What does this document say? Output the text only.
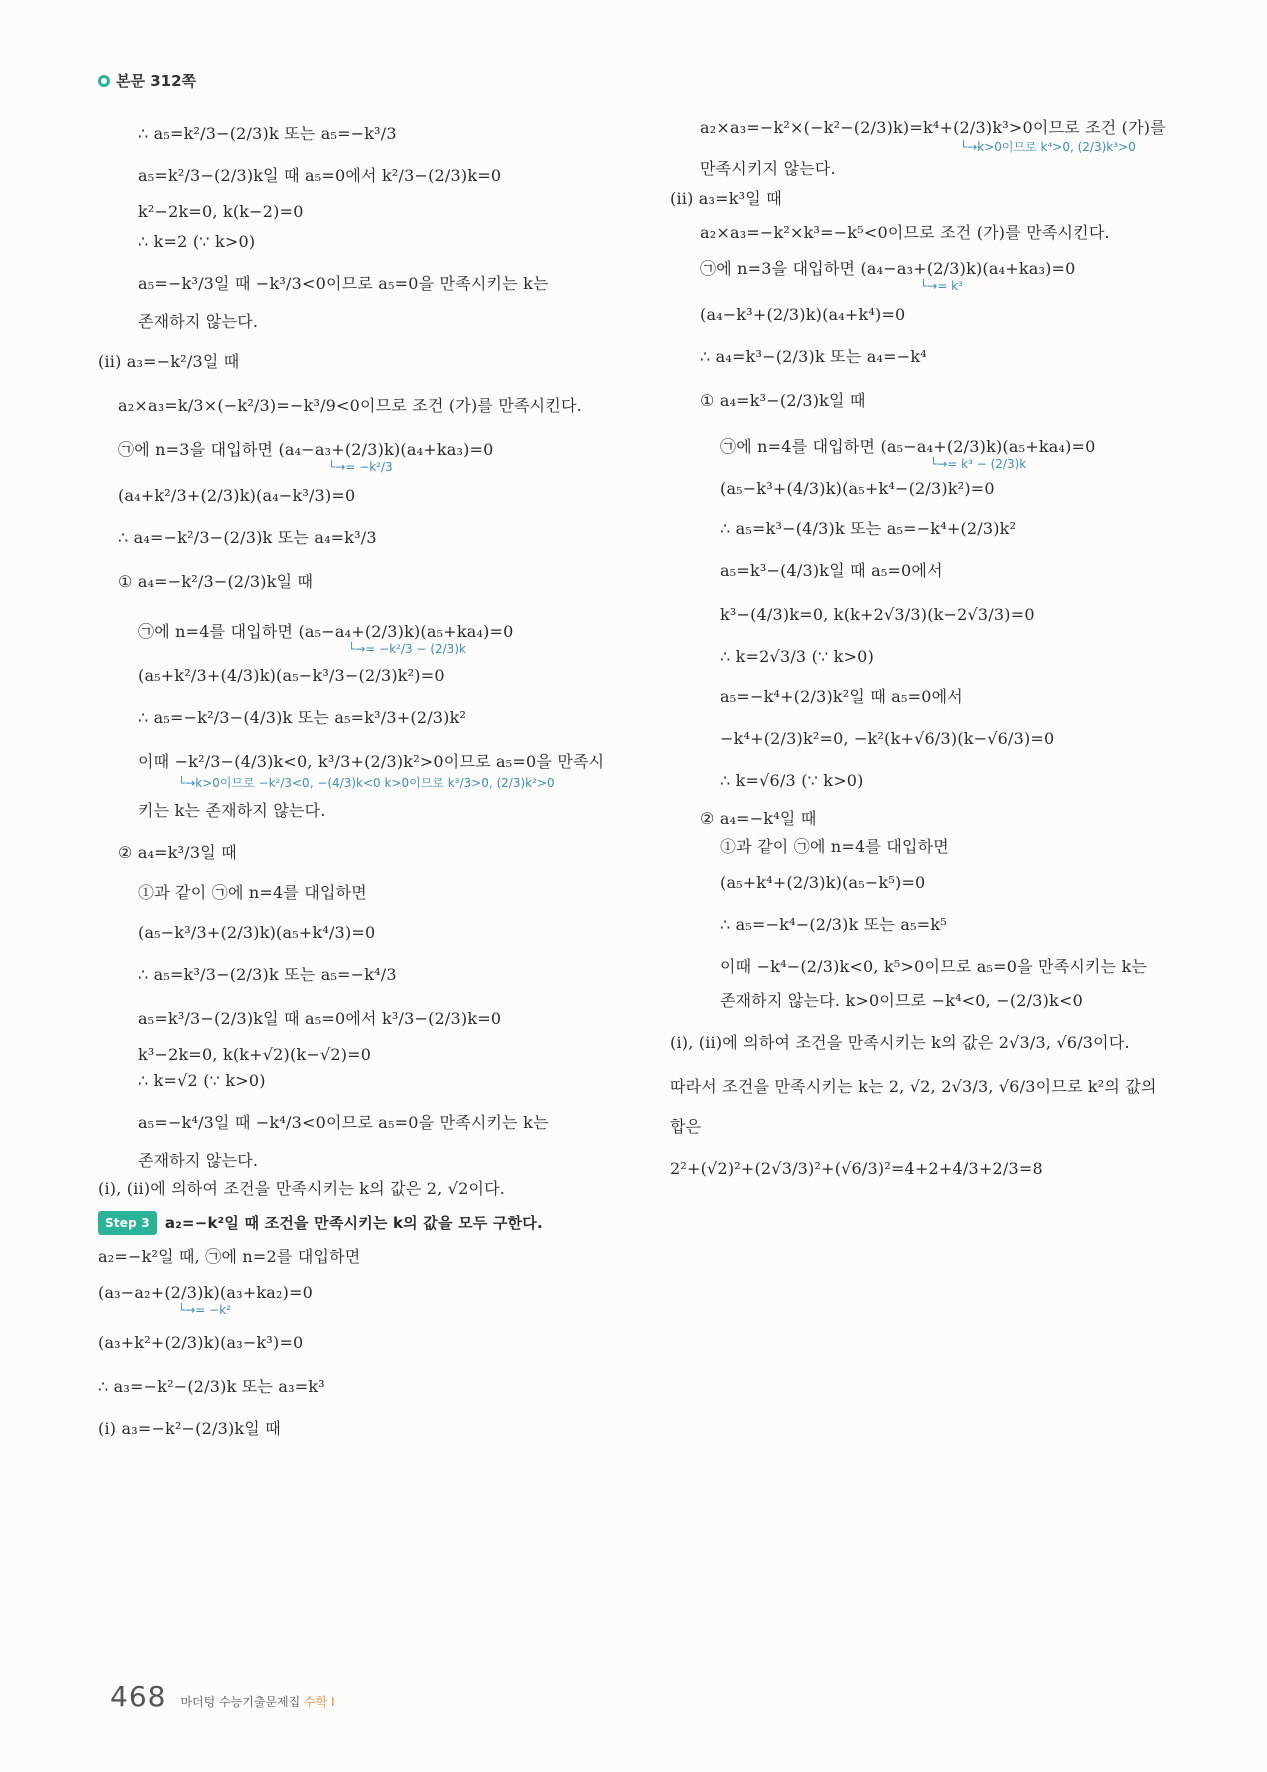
본문 312쪽
∴ a₅=k²/3−(2/3)k 또는 a₅=−k³/3
a₅=k²/3−(2/3)k일 때 a₅=0에서 k²/3−(2/3)k=0
k²−2k=0, k(k−2)=0
∴ k=2 (∵ k>0)
a₅=−k³/3일 때 −k³/3<0이므로 a₅=0을 만족시키는 k는
존재하지 않는다.
(ii) a₃=−k²/3일 때
a₂×a₃=k/3×(−k²/3)=−k³/9<0이므로 조건 (가)를 만족시킨다.
㉠에 n=3을 대입하면 (a₄−a₃+(2/3)k)(a₄+ka₃)=0
└→ = −k²/3
(a₄+k²/3+(2/3)k)(a₄−k³/3)=0
∴ a₄=−k²/3−(2/3)k 또는 a₄=k³/3
① a₄=−k²/3−(2/3)k일 때
㉠에 n=4를 대입하면 (a₅−a₄+(2/3)k)(a₅+ka₄)=0
└→ = −k²/3 − (2/3)k
(a₅+k²/3+(4/3)k)(a₅−k³/3−(2/3)k²)=0
∴ a₅=−k²/3−(4/3)k 또는 a₅=k³/3+(2/3)k²
이때 −k²/3−(4/3)k<0, k³/3+(2/3)k²>0이므로 a₅=0을 만족시
└→ k>0이므로 −k²/3<0, −(4/3)k<0 k>0이므로 k³/3>0, (2/3)k²>0
키는 k는 존재하지 않는다.
② a₄=k³/3일 때
①과 같이 ㉠에 n=4를 대입하면
(a₅−k³/3+(2/3)k)(a₅+k⁴/3)=0
∴ a₅=k³/3−(2/3)k 또는 a₅=−k⁴/3
a₅=k³/3−(2/3)k일 때 a₅=0에서 k³/3−(2/3)k=0
k³−2k=0, k(k+√2)(k−√2)=0
∴ k=√2 (∵ k>0)
a₅=−k⁴/3일 때 −k⁴/3<0이므로 a₅=0을 만족시키는 k는
존재하지 않는다.
(i), (ii)에 의하여 조건을 만족시키는 k의 값은 2, √2이다.
Step 3	a₂=−k²일 때 조건을 만족시키는 k의 값을 모두 구한다.
a₂=−k²일 때, ㉠에 n=2를 대입하면
(a₃−a₂+(2/3)k)(a₃+ka₂)=0
└→ = −k²
(a₃+k²+(2/3)k)(a₃−k³)=0
∴ a₃=−k²−(2/3)k 또는 a₃=k³
(i) a₃=−k²−(2/3)k일 때
a₂×a₃=−k²×(−k²−(2/3)k)=k⁴+(2/3)k³>0이므로 조건 (가)를
└→ k>0이므로 k⁴>0, (2/3)k³>0
만족시키지 않는다.
(ii) a₃=k³일 때
a₂×a₃=−k²×k³=−k⁵<0이므로 조건 (가)를 만족시킨다.
㉠에 n=3을 대입하면 (a₄−a₃+(2/3)k)(a₄+ka₃)=0
└→ = k³
(a₄−k³+(2/3)k)(a₄+k⁴)=0
∴ a₄=k³−(2/3)k 또는 a₄=−k⁴
① a₄=k³−(2/3)k일 때
㉠에 n=4를 대입하면 (a₅−a₄+(2/3)k)(a₅+ka₄)=0
└→ = k³ − (2/3)k
(a₅−k³+(4/3)k)(a₅+k⁴−(2/3)k²)=0
∴ a₅=k³−(4/3)k 또는 a₅=−k⁴+(2/3)k²
a₅=k³−(4/3)k일 때 a₅=0에서
k³−(4/3)k=0, k(k+2√3/3)(k−2√3/3)=0
∴ k=2√3/3 (∵ k>0)
a₅=−k⁴+(2/3)k²일 때 a₅=0에서
−k⁴+(2/3)k²=0, −k²(k+√6/3)(k−√6/3)=0
∴ k=√6/3 (∵ k>0)
② a₄=−k⁴일 때
①과 같이 ㉠에 n=4를 대입하면
(a₅+k⁴+(2/3)k)(a₅−k⁵)=0
∴ a₅=−k⁴−(2/3)k 또는 a₅=k⁵
이때 −k⁴−(2/3)k<0, k⁵>0이므로 a₅=0을 만족시키는 k는
존재하지 않는다. k>0이므로 −k⁴<0, −(2/3)k<0
(i), (ii)에 의하여 조건을 만족시키는 k의 값은 2√3/3, √6/3이다.
따라서 조건을 만족시키는 k는 2, √2, 2√3/3, √6/3이므로 k²의 값의
합은
2²+(√2)²+(2√3/3)²+(√6/3)²=4+2+4/3+2/3=8
468 마더텅 수능기출문제집 수학 I
